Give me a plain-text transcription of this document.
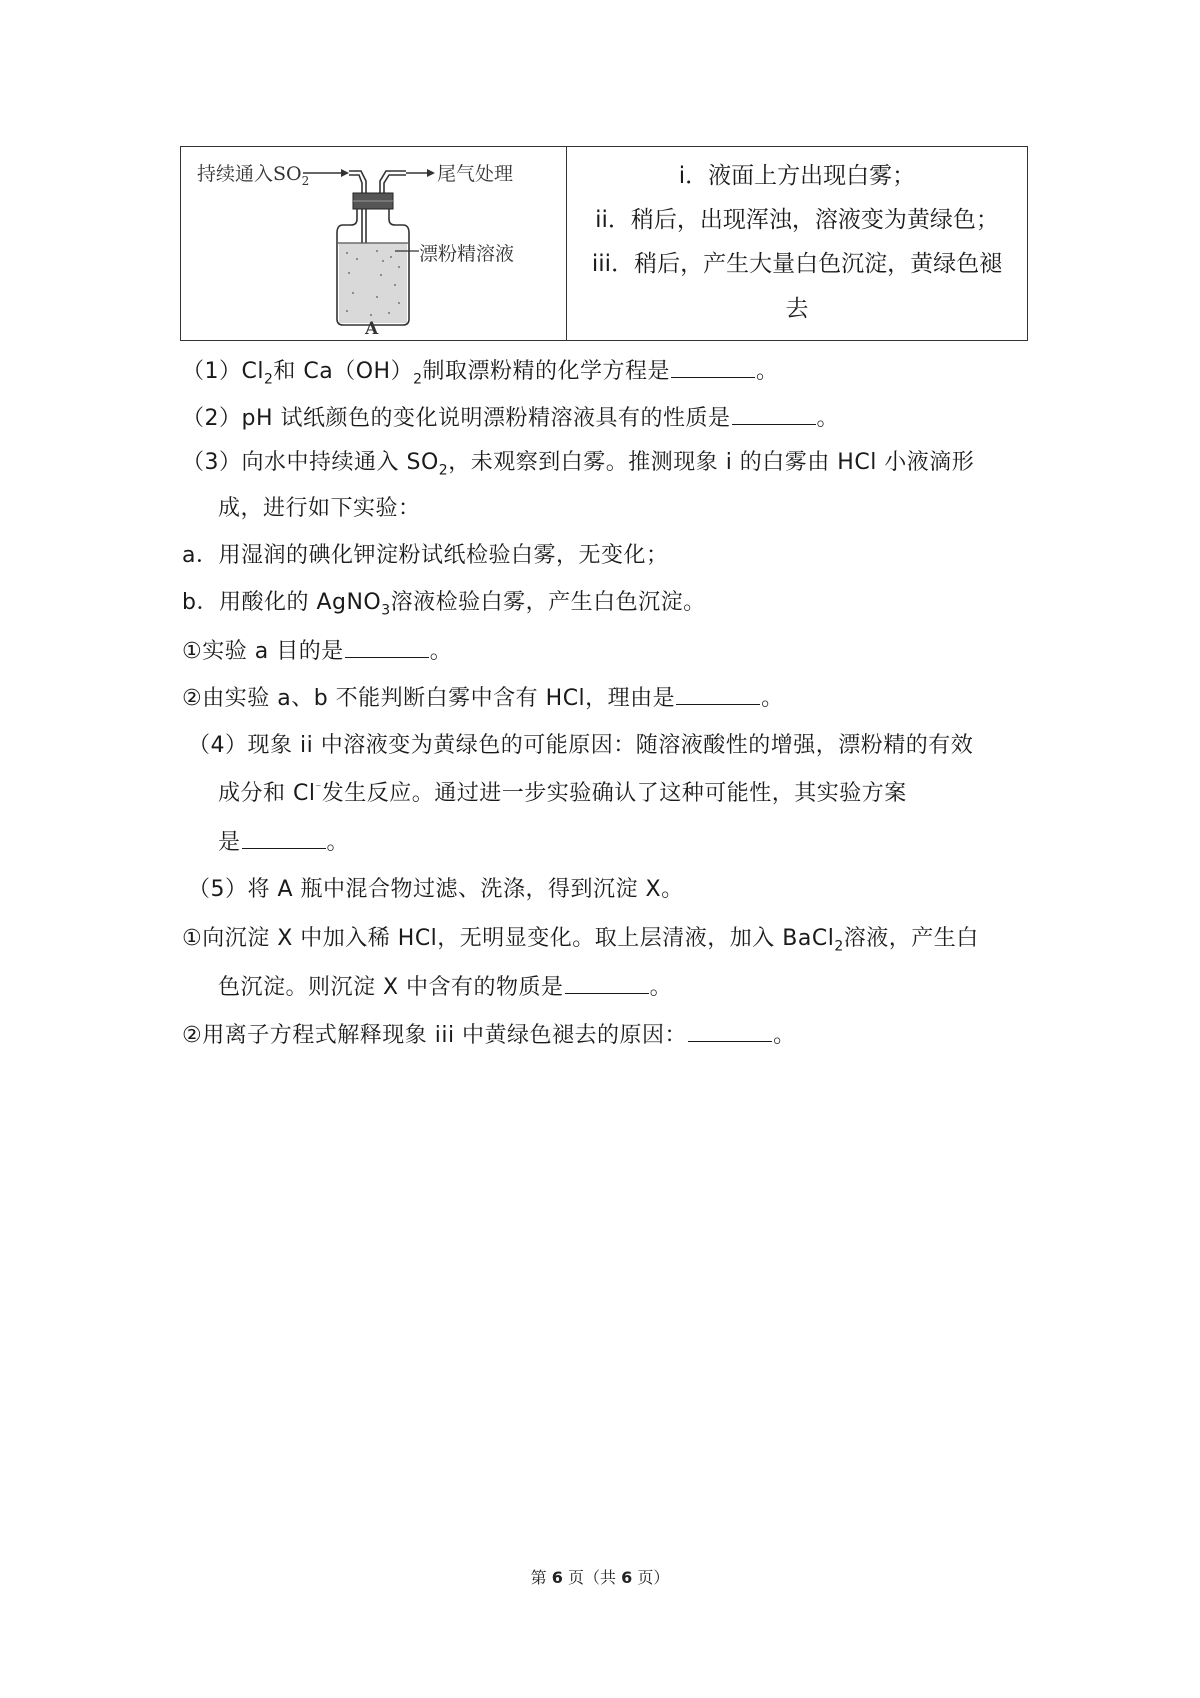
持续通入$SO_2$	尾气处理
漂粉精溶液
A
i．液面上方出现白雾；
ii．稍后，出现浑浊，溶液变为黄绿色；
iii．稍后，产生大量白色沉淀，黄绿色褪
去
$(1)Cl_2$和 $Ca(OH)_2$制取漂粉精的化学方程是	。
（2）pH 试纸颜色的变化说明漂粉精溶液具有的性质是	。
（3）向水中持续通入 $SO_2$，未观察到白雾。推测现象 i 的白雾由 HCl 小液滴形
成，进行如下实验：
a．用湿润的碘化钾淀粉试纸检验白雾，无变化；
b．用酸化的 AgNO$_3$溶液检验白雾，产生白色沉淀。
①实验 a 目的是	。
②由实验 a、b 不能判断白雾中含有 HCl，理由是	。
（4）现象 ii 中溶液变为黄绿色的可能原因：随溶液酸性的增强，漂粉精的有效
成分和 Cl⁻发生反应。通过进一步实验确认了这种可能性，其实验方案
是	。
（5）将 A 瓶中混合物过滤、洗涤，得到沉淀 X。
①向沉淀 X 中加入稀 HCl，无明显变化。取上层清液，加入 BaCl$_2$溶液，产生白
色沉淀。则沉淀 X 中含有的物质是	。
②用离子方程式解释现象 iii 中黄绿色褪去的原因：	。
第 6 页（共 6 页）
